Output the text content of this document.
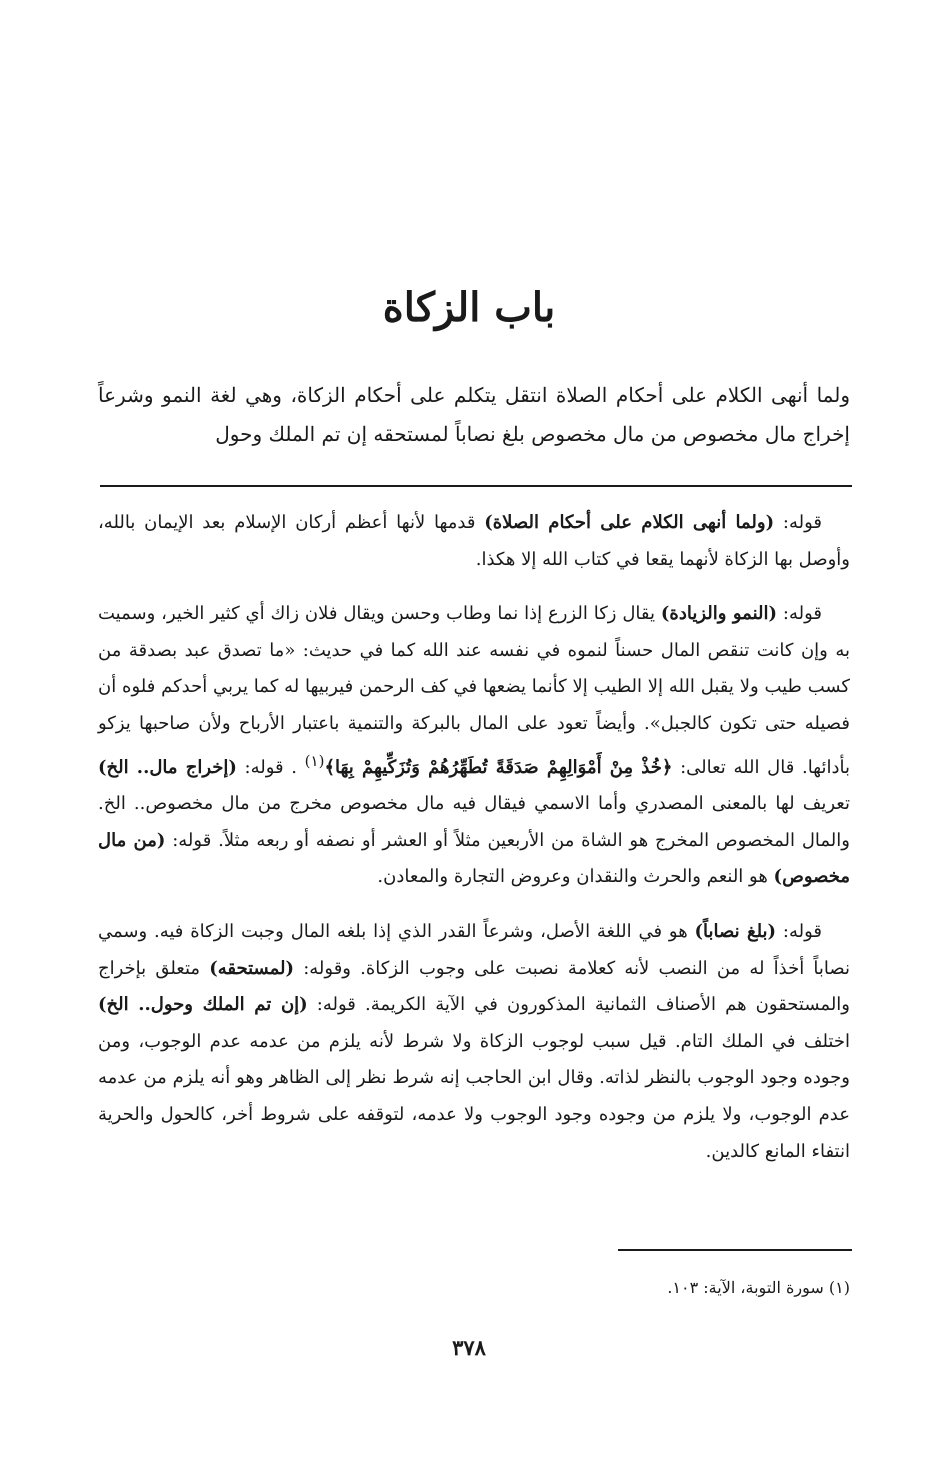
باب الزكاة

ولما أنهى الكلام على أحكام الصلاة انتقل يتكلم على أحكام الزكاة، وهي لغة النمو وشرعاً إخراج مال مخصوص من مال مخصوص بلغ نصاباً لمستحقه إن تم الملك وحول

قوله: (ولما أنهى الكلام على أحكام الصلاة) قدمها لأنها أعظم أركان الإسلام بعد الإيمان بالله، وأوصل بها الزكاة لأنهما يقعا في كتاب الله إلا هكذا.

قوله: (النمو والزيادة) يقال زكا الزرع إذا نما وطاب وحسن ويقال فلان زاك أي كثير الخير، وسميت به وإن كانت تنقص المال حسناً لنموه في نفسه عند الله كما في حديث: «ما تصدق عبد بصدقة من كسب طيب ولا يقبل الله إلا الطيب إلا كأنما يضعها في كف الرحمن فيربيها له كما يربي أحدكم فلوه أن فصيله حتى تكون كالجبل». وأيضاً تعود على المال بالبركة والتنمية باعتبار الأرباح ولأن صاحبها يزكو بأدائها. قال الله تعالى: ﴿خُذْ مِنْ أَمْوَالِهِمْ صَدَقَةً تُطَهِّرُهُمْ وَتُزَكِّيهِمْ بِهَا﴾$^{(١)}$ . قوله: (إخراج مال.. الخ) تعريف لها بالمعنى المصدري وأما الاسمي فيقال فيه مال مخصوص مخرج من مال مخصوص.. الخ. والمال المخصوص المخرج هو الشاة من الأربعين مثلاً أو العشر أو نصفه أو ربعه مثلاً. قوله: (من مال مخصوص) هو النعم والحرث والنقدان وعروض التجارة والمعادن.

قوله: (بلغ نصاباً) هو في اللغة الأصل، وشرعاً القدر الذي إذا بلغه المال وجبت الزكاة فيه. وسمي نصاباً أخذاً له من النصب لأنه كعلامة نصبت على وجوب الزكاة. وقوله: (لمستحقه) متعلق بإخراج والمستحقون هم الأصناف الثمانية المذكورون في الآية الكريمة. قوله: (إن تم الملك وحول.. الخ) اختلف في الملك التام. قيل سبب لوجوب الزكاة ولا شرط لأنه يلزم من عدمه عدم الوجوب، ومن وجوده وجود الوجوب بالنظر لذاته. وقال ابن الحاجب إنه شرط نظر إلى الظاهر وهو أنه يلزم من عدمه عدم الوجوب، ولا يلزم من وجوده وجود الوجوب ولا عدمه، لتوقفه على شروط أخر، كالحول والحرية انتفاء المانع كالدين.

(١) سورة التوبة، الآية: ١٠٣.

٣٧٨
